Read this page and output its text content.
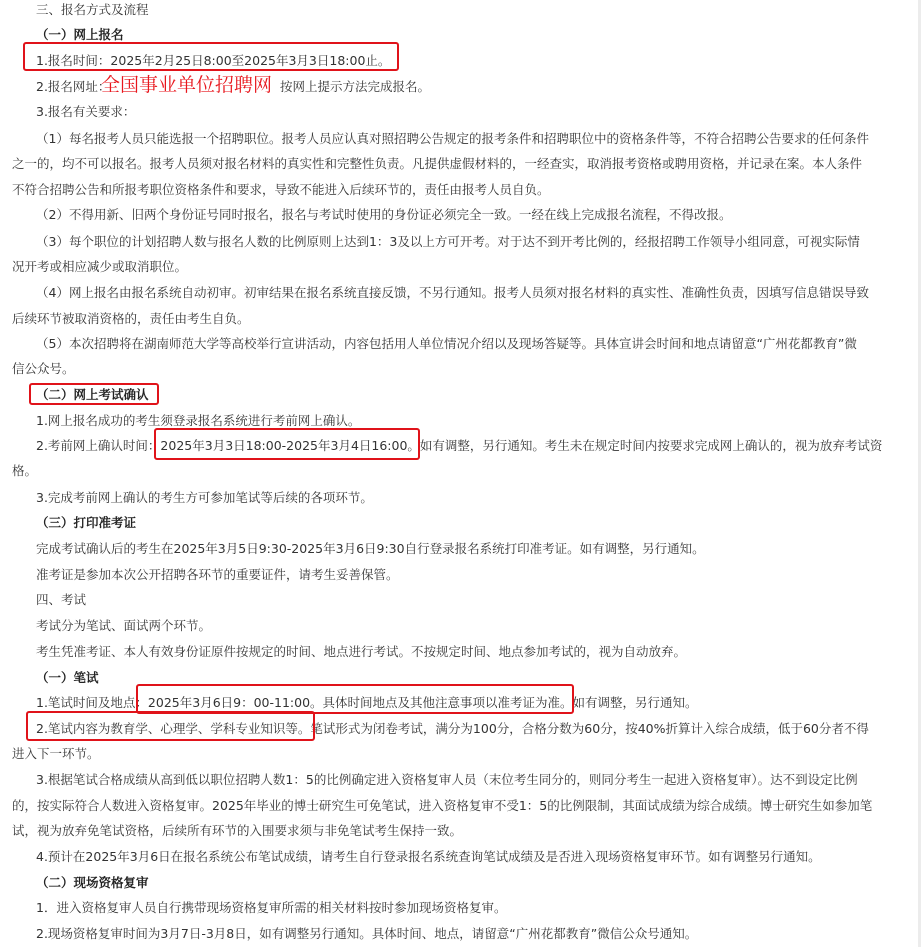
2.现场资格复审时间为3月7日-3月8日，如有调整另行通知。具体时间、地点，请留意“广州花都教育”微信公众号通知。
1．进入资格复审人员自行携带现场资格复审所需的相关材料按时参加现场资格复审。
（二）现场资格复审
4.预计在2025年3月6日在报名系统公布笔试成绩，请考生自行登录报名系统查询笔试成绩及是否进入现场资格复审环节。如有调整另行通知。
试，视为放弃免笔试资格，后续所有环节的入围要求须与非免笔试考生保持一致。
的，按实际符合人数进入资格复审。2025年毕业的博士研究生可免笔试，进入资格复审不受1：5的比例限制，其面试成绩为综合成绩。博士研究生如参加笔
3.根据笔试合格成绩从高到低以职位招聘人数1：5的比例确定进入资格复审人员（末位考生同分的，则同分考生一起进入资格复审）。达不到设定比例
进入下一环节。
2.笔试内容为教育学、心理学、学科专业知识等。笔试形式为闭卷考试，满分为100分，合格分数为60分，按40%折算计入综合成绩，低于60分者不得
1.笔试时间及地点：2025年3月6日9：00-11:00。具体时间地点及其他注意事项以准考证为准。如有调整，另行通知。
（一）笔试
考生凭准考证、本人有效身份证原件按规定的时间、地点进行考试。不按规定时间、地点参加考试的，视为自动放弃。
考试分为笔试、面试两个环节。
四、考试
准考证是参加本次公开招聘各环节的重要证件，请考生妥善保管。
完成考试确认后的考生在2025年3月5日9:30-2025年3月6日9:30自行登录报名系统打印准考证。如有调整，另行通知。
（三）打印准考证
3.完成考前网上确认的考生方可参加笔试等后续的各项环节。
格。
2.考前网上确认时间：2025年3月3日18:00-2025年3月4日16:00。如有调整，另行通知。考生未在规定时间内按要求完成网上确认的，视为放弃考试资
1.网上报名成功的考生须登录报名系统进行考前网上确认。
（二）网上考试确认
信公众号。
（5）本次招聘将在湖南师范大学等高校举行宣讲活动，内容包括用人单位情况介绍以及现场答疑等。具体宣讲会时间和地点请留意“广州花都教育”微
后续环节被取消资格的，责任由考生自负。
（4）网上报名由报名系统自动初审。初审结果在报名系统直接反馈，不另行通知。报考人员须对报名材料的真实性、准确性负责，因填写信息错误导致
况开考或相应减少或取消职位。
（3）每个职位的计划招聘人数与报名人数的比例原则上达到1：3及以上方可开考。对于达不到开考比例的，经报招聘工作领导小组同意，可视实际情
（2）不得用新、旧两个身份证号同时报名，报名与考试时使用的身份证必须完全一致。一经在线上完成报名流程，不得改报。
不符合招聘公告和所报考职位资格条件和要求，导致不能进入后续环节的，责任由报考人员自负。
之一的，均不可以报名。报考人员须对报名材料的真实性和完整性负责。凡提供虚假材料的，一经查实，取消报考资格或聘用资格，并记录在案。本人条件
（1）每名报考人员只能选报一个招聘职位。报考人员应认真对照招聘公告规定的报考条件和招聘职位中的资格条件等，不符合招聘公告要求的任何条件
3.报名有关要求：
按网上提示方法完成报名。
2.报名网址：
1.报名时间：2025年2月25日8:00至2025年3月3日18:00止。
（一）网上报名
三、报名方式及流程
全国事业单位招聘网
